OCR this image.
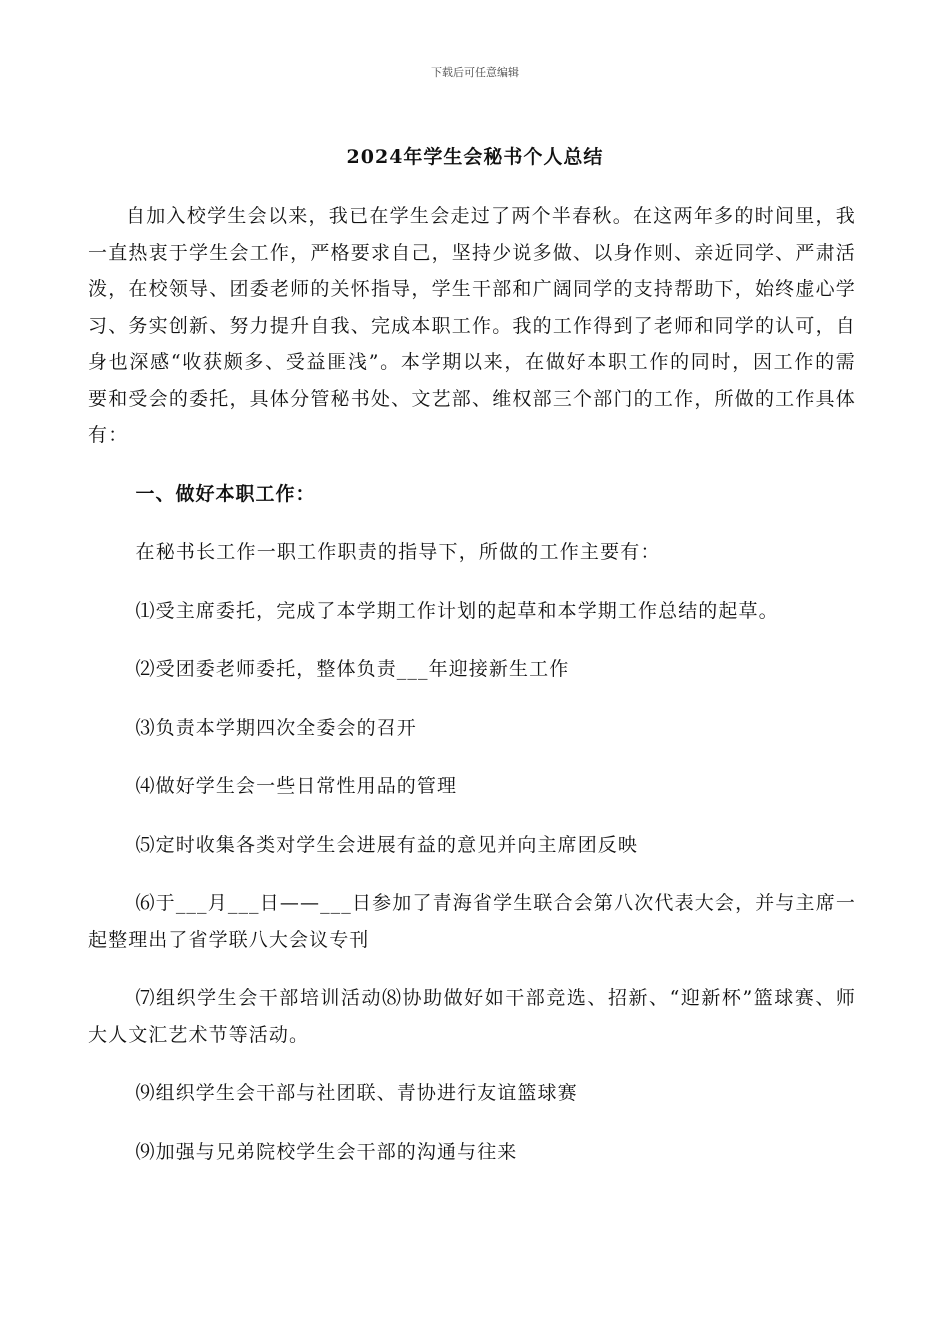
下载后可任意编辑
2024年学生会秘书个人总结

自加入校学生会以来，我已在学生会走过了两个半春秋。在这两年多的时间里，我一直热衷于学生会工作，严格要求自己，坚持少说多做、以身作则、亲近同学、严肃活泼，在校领导、团委老师的关怀指导，学生干部和广阔同学的支持帮助下，始终虚心学习、务实创新、努力提升自我、完成本职工作。我的工作得到了老师和同学的认可，自身也深感“收获颇多、受益匪浅”。本学期以来，在做好本职工作的同时，因工作的需要和受会的委托，具体分管秘书处、文艺部、维权部三个部门的工作，所做的工作具体有：

一、做好本职工作：

在秘书长工作一职工作职责的指导下，所做的工作主要有：

⑴受主席委托，完成了本学期工作计划的起草和本学期工作总结的起草。

⑵受团委老师委托，整体负责___年迎接新生工作

⑶负责本学期四次全委会的召开

⑷做好学生会一些日常性用品的管理

⑸定时收集各类对学生会进展有益的意见并向主席团反映

⑹于___月___日——___日参加了青海省学生联合会第八次代表大会，并与主席一起整理出了省学联八大会议专刊

⑺组织学生会干部培训活动⑻协助做好如干部竞选、招新、“迎新杯”篮球赛、师大人文汇艺术节等活动。

⑼组织学生会干部与社团联、青协进行友谊篮球赛

⑼加强与兄弟院校学生会干部的沟通与往来
